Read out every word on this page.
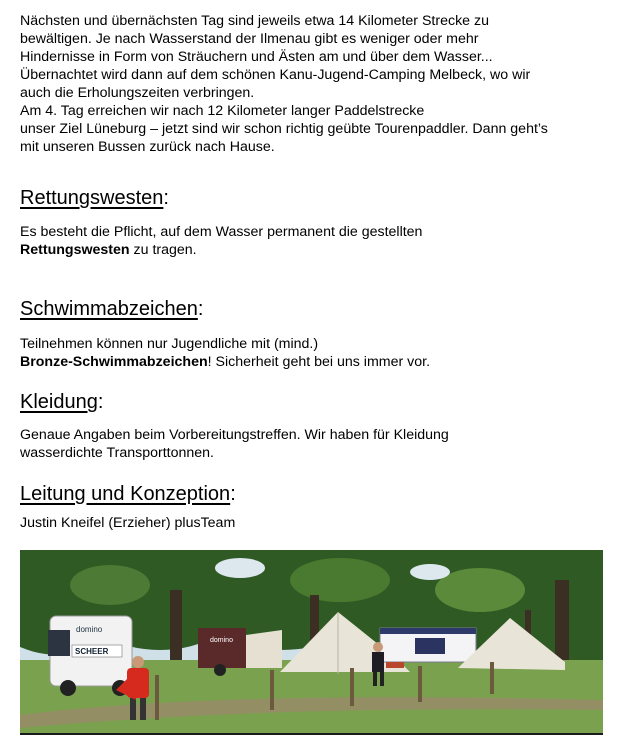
Nächsten und übernächsten Tag sind jeweils etwa 14 Kilometer Strecke zu
bewältigen. Je nach Wasserstand der Ilmenau gibt es weniger oder mehr
Hindernisse in Form von Sträuchern und Ästen am und über dem Wasser...
Übernachtet wird dann auf dem schönen Kanu-Jugend-Camping Melbeck, wo wir
auch die Erholungszeiten verbringen.
Am 4. Tag erreichen wir nach 12 Kilometer langer Paddelstrecke
unser Ziel Lüneburg – jetzt sind wir schon richtig geübte Tourenpaddler. Dann geht’s
mit unseren Bussen zurück nach Hause.
Rettungswesten:
Es besteht die Pflicht, auf dem Wasser permanent die gestellten
Rettungswesten zu tragen.
Schwimmabzeichen:
Teilnehmen können nur Jugendliche mit (mind.)
Bronze-Schwimmabzeichen! Sicherheit geht bei uns immer vor.
Kleidung:
Genaue Angaben beim Vorbereitungstreffen. Wir haben für Kleidung
wasserdichte Transporttonnen.
Leitung und Konzeption:
Justin Kneifel (Erzieher) plusTeam
domino
SCHEER
domino
